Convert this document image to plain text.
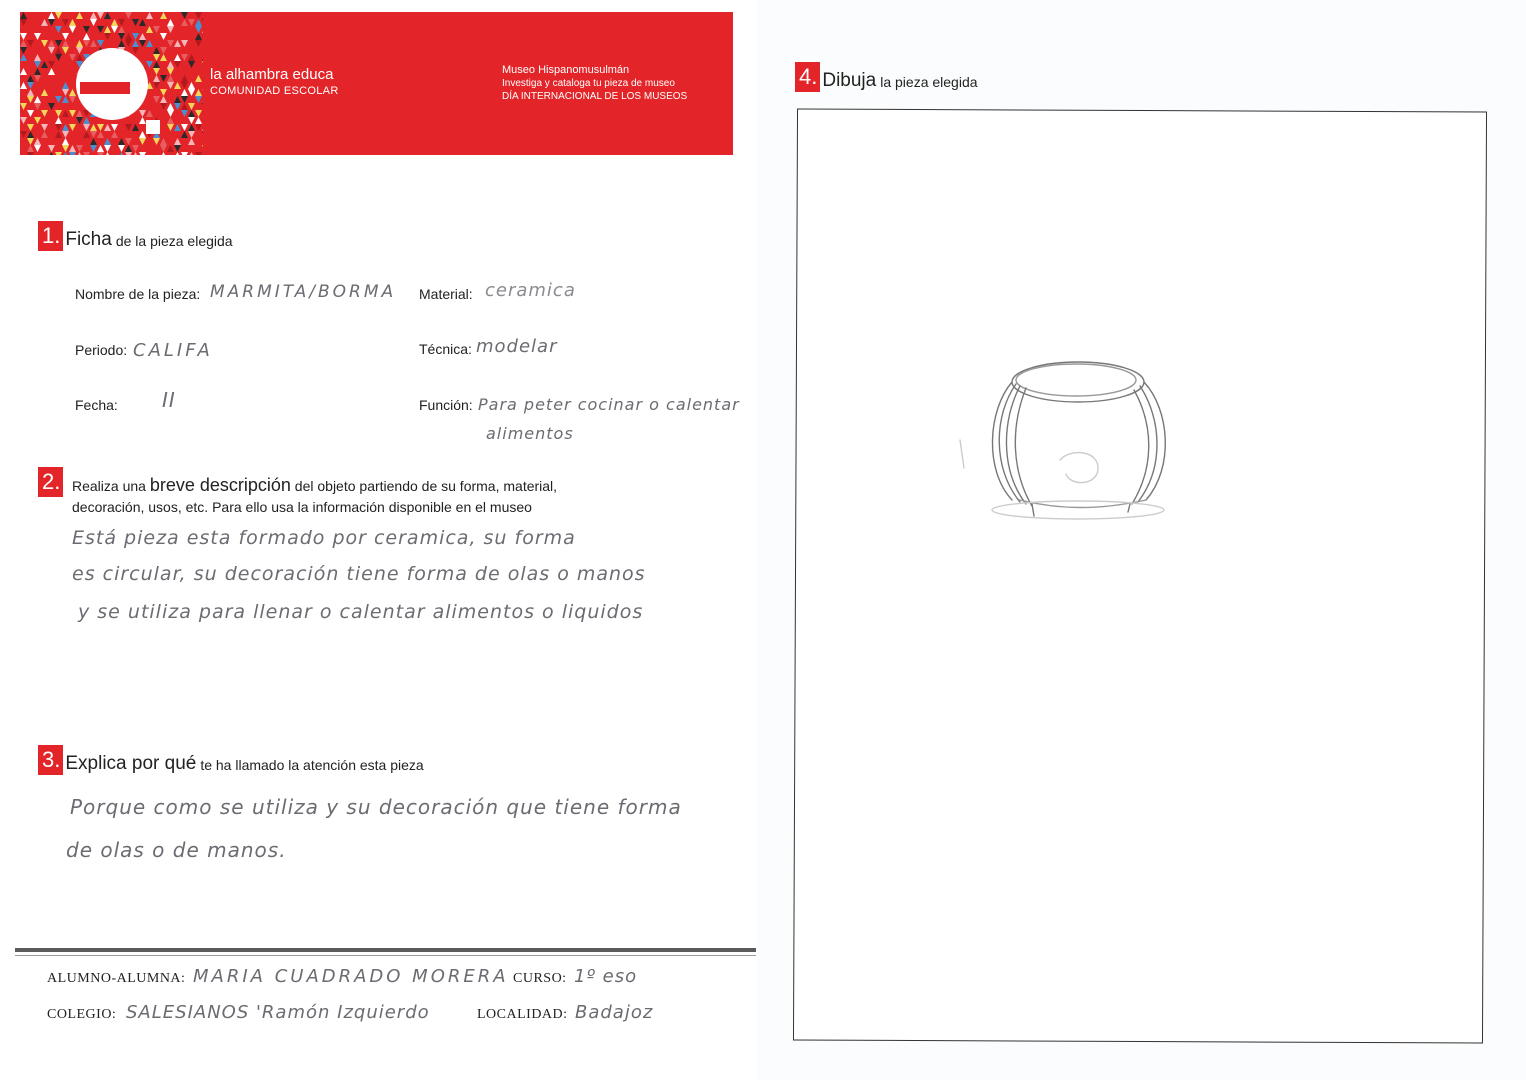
la alhambra educa
COMUNIDAD ESCOLAR
Museo Hispanomusulmán
Investiga y cataloga tu pieza de museo
DÍA INTERNACIONAL DE LOS MUSEOS
1. Ficha de la pieza elegida
Nombre de la pieza: MARMITA/BORMA Material: ceramica
Periodo: CALIFA	Técnica: modelar
Fecha: II	Función: Para peter cocinar o calentar
alimentos
2. Realiza una breve descripción del objeto partiendo de su forma, material,
decoración, usos, etc. Para ello usa la información disponible en el museo
Está pieza esta formado por ceramica, su forma
es circular, su decoración tiene forma de olas o manos
y se utiliza para llenar o calentar alimentos o liquidos
3. Explica por qué te ha llamado la atención esta pieza
Porque como se utiliza y su decoración que tiene forma
de olas o de manos.
ALUMNO-ALUMNA: MARIA CUADRADO MORERA CURSO: 1º eso
COLEGIO: SALESIANOS 'Ramón Izquierdo	LOCALIDAD: Badajoz
4. Dibuja la pieza elegida
